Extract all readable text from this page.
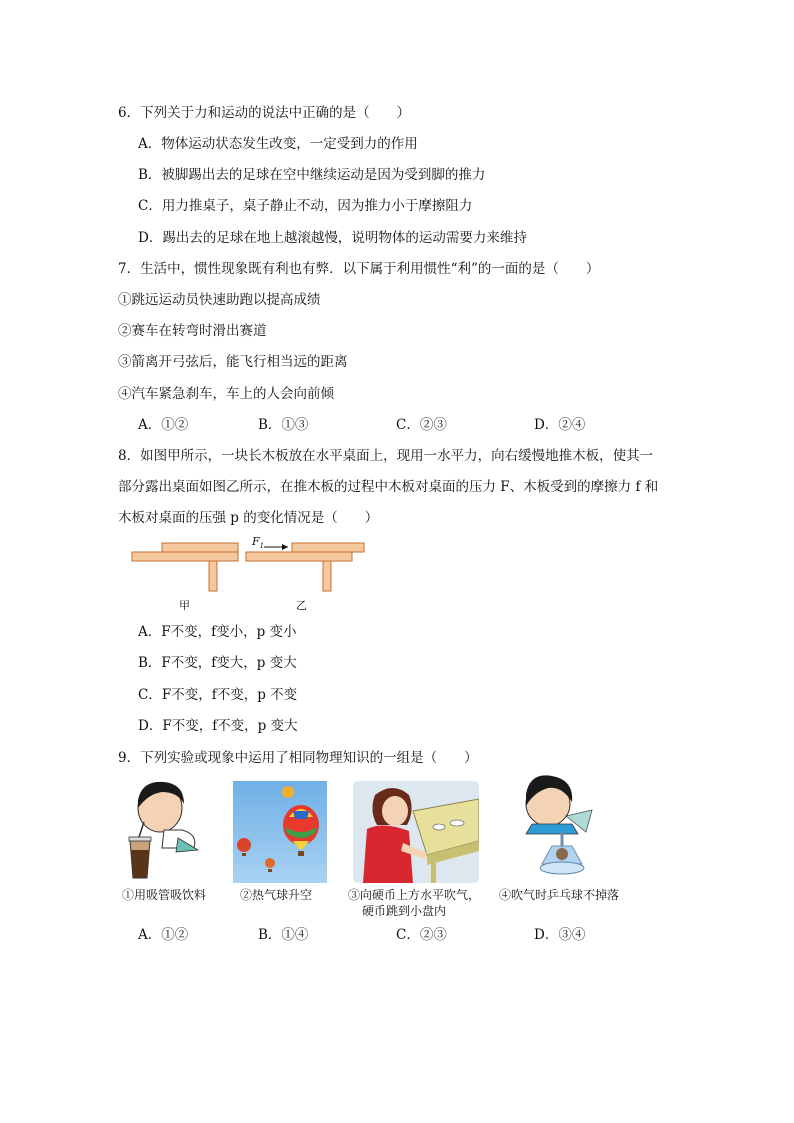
6．下列关于力和运动的说法中正确的是（　　）
A．物体运动状态发生改变，一定受到力的作用
B．被脚踢出去的足球在空中继续运动是因为受到脚的推力
C．用力推桌子，桌子静止不动，因为推力小于摩擦阻力
D．踢出去的足球在地上越滚越慢，说明物体的运动需要力来维持
7．生活中，惯性现象既有利也有弊．以下属于利用惯性“利”的一面的是（　　）
①跳远运动员快速助跑以提高成绩
②赛车在转弯时滑出赛道
③箭离开弓弦后，能飞行相当远的距离
④汽车紧急刹车，车上的人会向前倾
A．①②	B．①③	C．②③	D．②④
8．如图甲所示，一块长木板放在水平桌面上，现用一水平力，向右缓慢地推木板，使其一
部分露出桌面如图乙所示，在推木板的过程中木板对桌面的压力 F、木板受到的摩擦力 f 和
木板对桌面的压强 p 的变化情况是（　　）
$F_1$
甲	乙
A．F不变，f变小，p 变小
B．F不变，f变大，p 变大
C．F不变，f不变，p 不变
D．F不变，f不变，p 变大
9．下列实验或现象中运用了相同物理知识的一组是（　　）
①用吸管吸饮料	②热气球升空	③向硬币上方水平吹气，
硬币跳到小盘内
④吹气时乒乓球不掉落
A．①②	B．①④	C．②③	D．③④
